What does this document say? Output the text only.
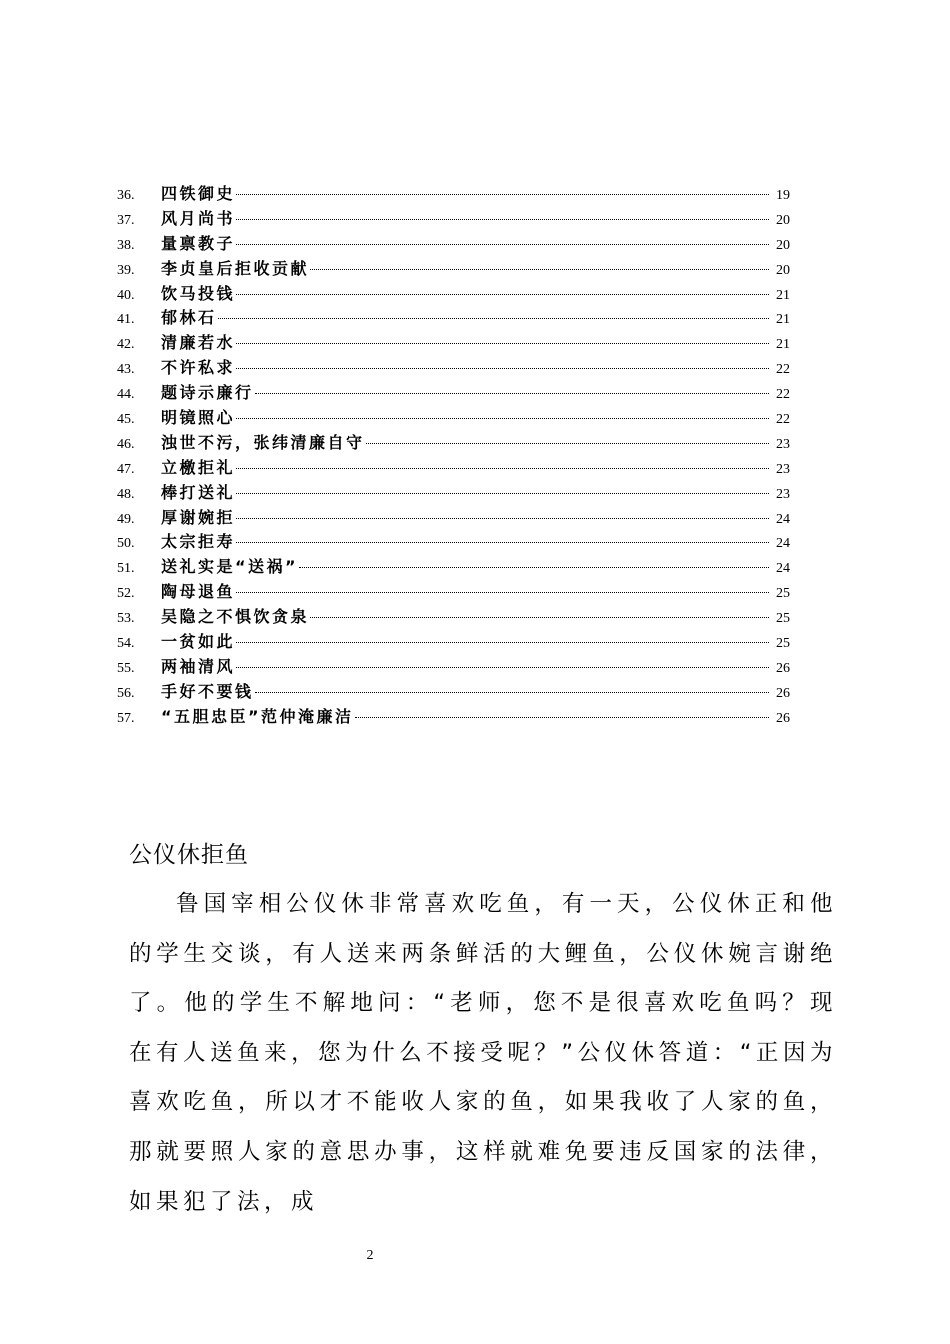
36.	四铁御史	19
37.	风月尚书	20
38.	量禀教子	20
39.	李贞皇后拒收贡献	20
40.	饮马投钱	21
41.	郁林石	21
42.	清廉若水	21
43.	不许私求	22
44.	题诗示廉行	22
45.	明镜照心	22
46.	浊世不污，张纬清廉自守	23
47.	立檄拒礼	23
48.	棒打送礼	23
49.	厚谢婉拒	24
50.	太宗拒寿	24
51.	送礼实是“送祸”	24
52.	陶母退鱼	25
53.	吴隐之不惧饮贪泉	25
54.	一贫如此	25
55.	两袖清风	26
56.	手好不要钱	26
57.	“五胆忠臣”范仲淹廉洁	26
公仪休拒鱼

鲁国宰相公仪休非常喜欢吃鱼，有一天，公仪休正和他的学生交谈，有人送来两条鲜活的大鲤鱼，公仪休婉言谢绝了。他的学生不解地问：“老师，您不是很喜欢吃鱼吗？现在有人送鱼来，您为什么不接受呢？”公仪休答道：“正因为喜欢吃鱼，所以才不能收人家的鱼，如果我收了人家的鱼，那就要照人家的意思办事，这样就难免要违反国家的法律，如果犯了法，成

2
